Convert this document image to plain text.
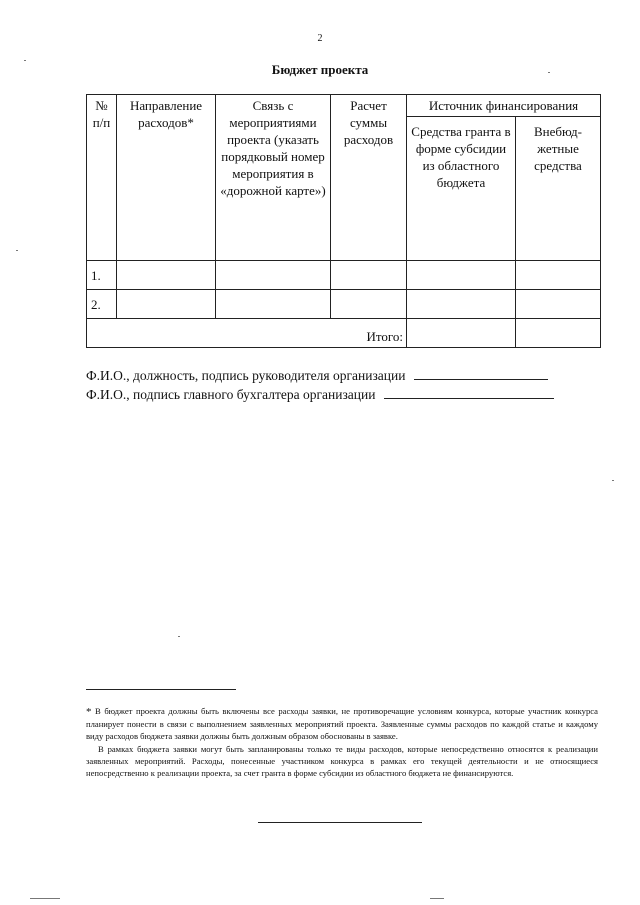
2
Бюджет проекта
№ п/п	Направление расходов*	Связь с мероприятиями проекта (указать порядковый номер мероприятия в «дорожной карте»)	Расчет суммы расходов	Источник финансирования	
				Средства гранта в форме субсидии из областного бюджета	Внебюд-жетные средства
1.					
2.					
Итого:					
Ф.И.О., должность, подпись руководителя организации
Ф.И.О., подпись главного бухгалтера организации

* В бюджет проекта должны быть включены все расходы заявки, не противоречащие условиям конкурса, которые участник конкурса планирует понести в связи с выполнением заявленных мероприятий проекта. Заявленные суммы расходов по каждой статье и каждому виду расходов бюджета заявки должны быть должным образом обоснованы в заявке.

В рамках бюджета заявки могут быть запланированы только те виды расходов, которые непосредственно относятся к реализации заявленных мероприятий. Расходы, понесенные участником конкурса в рамках его текущей деятельности и не относящиеся непосредственно к реализации проекта, за счет гранта в форме субсидии из областного бюджета не финансируются.
